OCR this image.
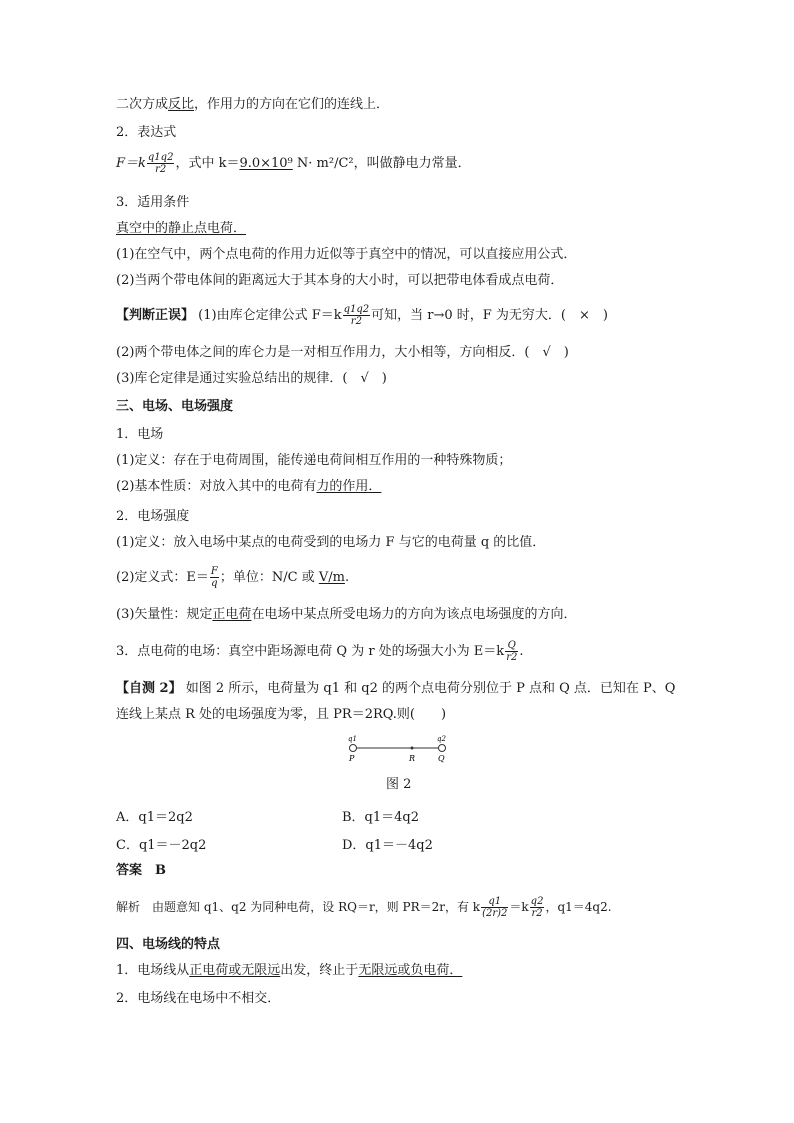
二次方成反比，作用力的方向在它们的连线上．
2．表达式
$F=k \frac{q1q2}{r2}$ ，式中 k＝9.0×10⁹ N· m²/C²，叫做静电力常量．
3．适用条件
真空中的静止点电荷．
(1)在空气中，两个点电荷的作用力近似等于真空中的情况，可以直接应用公式．
(2)当两个带电体间的距离远大于其本身的大小时，可以把带电体看成点电荷．
【判断正误】 (1)由库仑定律公式 $F=k \frac{q1q2}{r2}$ 可知，当 r→0 时，F 为无穷大．(　×　)
(2)两个带电体之间的库仑力是一对相互作用力，大小相等，方向相反．(　√　)
(3)库仑定律是通过实验总结出的规律．(　√　)
三、电场、电场强度
1．电场
(1)定义：存在于电荷周围，能传递电荷间相互作用的一种特殊物质；
(2)基本性质：对放入其中的电荷有力的作用．
2．电场强度
(1)定义：放入电场中某点的电荷受到的电场力 F 与它的电荷量 q 的比值．
(2)定义式：$E= \frac{F}{q}$ ；单位：N/C 或 V/m.
(3)矢量性：规定正电荷在电场中某点所受电场力的方向为该点电场强度的方向．
3．点电荷的电场：真空中距场源电荷 Q 为 r 处的场强大小为 $E=k \frac{Q}{r2}$ .
【自测 2】 如图 2 所示，电荷量为 q1 和 q2 的两个点电荷分别位于 P 点和 Q 点．已知在 P、Q
连线上某点 R 处的电场强度为零，且 PR＝2RQ.则(　　)
q1	q2
P	R	Q
图 2
A．q1＝2q2	B．q1＝4q2
C．q1＝－2q2	D．q1＝－4q2
答案　B
解析　由题意知 q1、q2 为同种电荷，设 RQ＝r，则 PR＝2r，有 k $\frac{q1}{(2r)2} =k \frac{q2}{r2}$ ，q1＝4q2.
四、电场线的特点
1．电场线从正电荷或无限远出发，终止于无限远或负电荷．
2．电场线在电场中不相交．
